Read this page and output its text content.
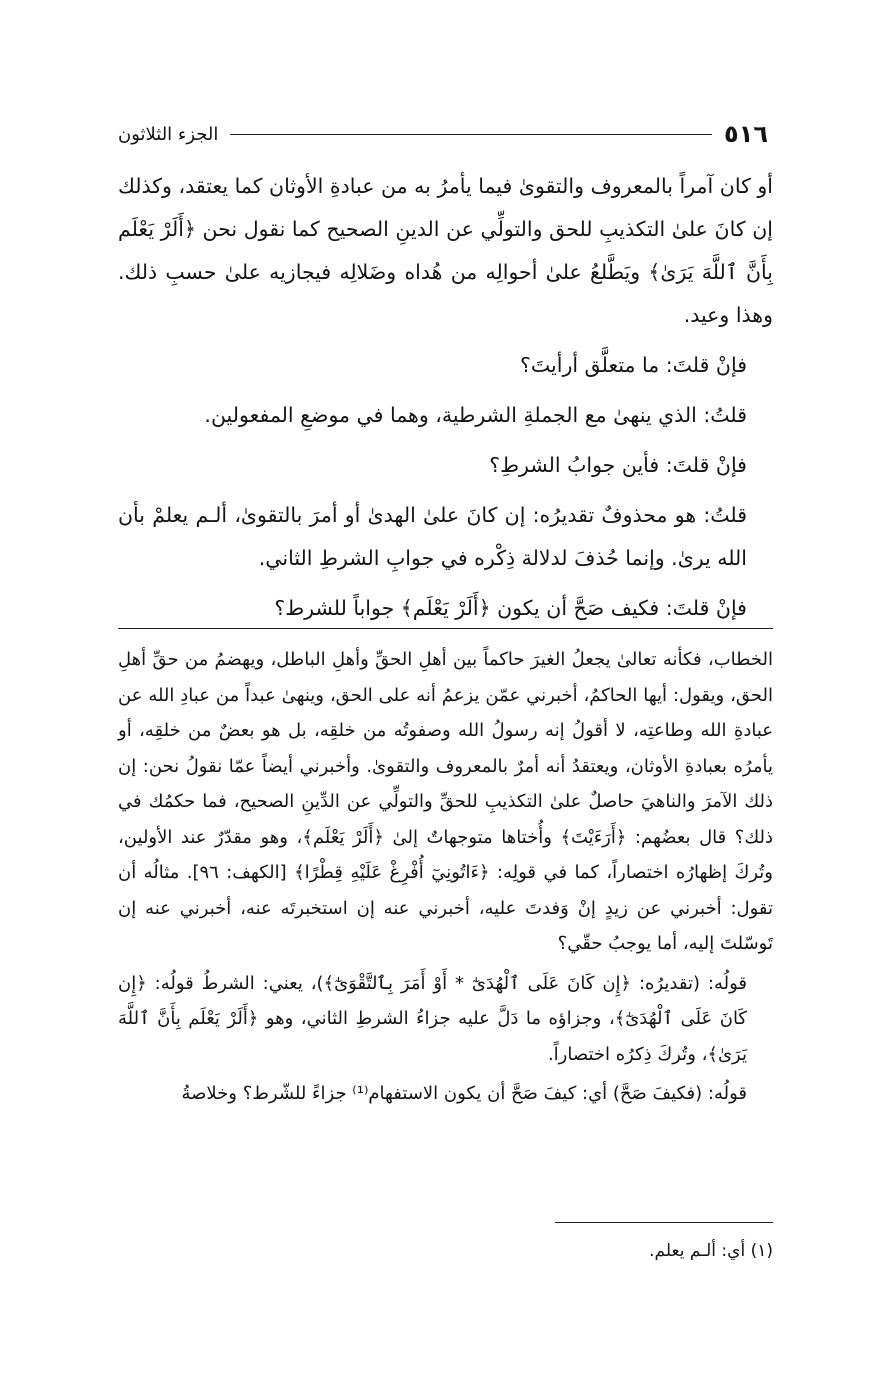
٥١٦
الجزء الثلاثون

أو كان آمراً بالمعروف والتقوىٰ فيما يأمرُ به من عبادةِ الأوثان كما يعتقد، وكذلك إن كانَ علىٰ التكذيبِ للحق والتولِّي عن الدينِ الصحيح كما نقول نحن ﴿أَلَرْ يَعْلَم بِأَنَّ ٱللَّهَ يَرَىٰ﴾ ويَطَّلعُ علىٰ أحوالِه من هُداه وضَلالِه فيجازيه علىٰ حسبِ ذلك. وهذا وعيد.

فإنْ قلتَ: ما متعلَّق أرأيتَ؟

قلتُ: الذي ينهىٰ مع الجملةِ الشرطية، وهما في موضعِ المفعولين.

فإنْ قلتَ: فأين جوابُ الشرطِ؟

قلتُ: هو محذوفٌ تقديرُه: إن كانَ علىٰ الهدىٰ أو أمرَ بالتقوىٰ، ألـم يعلمْ بأن الله يرىٰ. وإنما حُذفَ لدلالة ذِكْره في جوابِ الشرطِ الثاني.

فإنْ قلتَ: فكيف صَحَّ أن يكون ﴿أَلَرْ يَعْلَم﴾ جواباً للشرط؟

الخطاب، فكأنه تعالىٰ يجعلُ الغيرَ حاكماً بين أهلِ الحقِّ وأهلِ الباطل، ويهضمُ من حقِّ أهلِ الحق، ويقول: أيها الحاكمُ، أخبرني عمّن يزعمُ أنه على الحق، وينهىٰ عبداً من عبادِ الله عن عبادةِ الله وطاعتِه، لا أقولُ إنه رسولُ الله وصفوتُه من خلقِه، بل هو بعضٌ من خلقِه، أو يأمرُه بعبادةِ الأوثان، ويعتقدُ أنه أمرٌ بالمعروف والتقوىٰ. وأخبرني أيضاً عمّا نقولُ نحن: إن ذلك الآمرَ والناهيَ حاصلٌ علىٰ التكذيبِ للحقِّ والتولِّي عن الدِّينِ الصحيح، فما حكمُك في ذلك؟ قال بعضُهم: ﴿أَرَءَيْتَ﴾ وأُختاها متوجهاتٌ إلىٰ ﴿أَلَرْ يَعْلَم﴾، وهو مقدّرٌ عند الأولين، وتُركَ إظهارُه اختصاراً، كما في قولِه: ﴿ءَاتُونِيٓ أُفْرِغْ عَلَيْهِ قِطْرًا﴾ [الكهف: ٩٦]. مثالُه أن تقول: أخبرني عن زيدٍ إنْ وَفدتَ عليه، أخبرني عنه إن استخبرتَه عنه، أخبرني عنه إن تَوسّلتَ إليه، أما يوجبُ حقّي؟

قولُه: (تقديرُه: ﴿إِن كَانَ عَلَى ٱلْهُدَىٰٓ * أَوْ أَمَرَ بِٱلتَّقْوَىٰٓ﴾)، يعني: الشرطُ قولُه: ﴿إِن كَانَ عَلَى ٱلْهُدَىٰٓ﴾، وجزاؤه ما دَلَّ عليه جزاءُ الشرطِ الثاني، وهو ﴿أَلَرْ يَعْلَم بِأَنَّ ٱللَّهَ يَرَىٰ﴾، وتُركَ ذِكرُه اختصاراً.

قولُه: (فكيفَ صَحَّ) أي: كيفَ صَحَّ أن يكون الاستفهام⁽¹⁾ جزاءً للشّرط؟ وخلاصةُ

(١) أي: ألـم يعلم.
